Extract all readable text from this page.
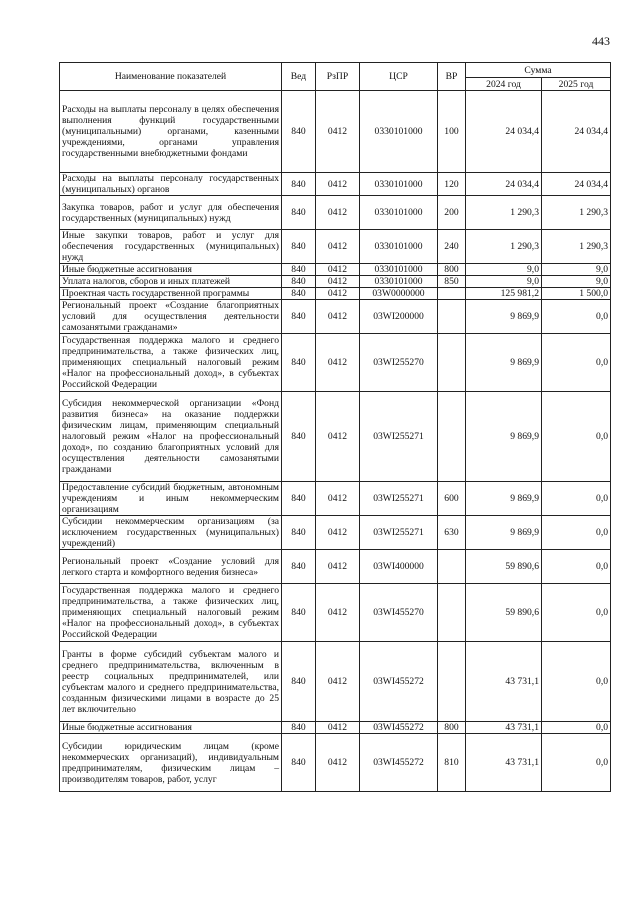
443
Наименование показателей	Вед	РзПР	ЦСР	ВР	Сумма	
					2024 год	2025 год
Расходы на выплаты персоналу в целях обеспечения выполнения функций государственными (муниципальными) органами, казенными учреждениями, органами управления государственными внебюджетными фондами	840	0412	0330101000	100	24 034,4	24 034,4
Расходы на выплаты персоналу государственных (муниципальных) органов	840	0412	0330101000	120	24 034,4	24 034,4
Закупка товаров, работ и услуг для обеспечения государственных (муниципальных) нужд	840	0412	0330101000	200	1 290,3	1 290,3
Иные закупки товаров, работ и услуг для обеспечения государственных (муниципальных) нужд	840	0412	0330101000	240	1 290,3	1 290,3
Иные бюджетные ассигнования	840	0412	0330101000	800	9,0	9,0
Уплата налогов, сборов и иных платежей	840	0412	0330101000	850	9,0	9,0
Проектная часть государственной программы	840	0412	03W0000000		125 981,2	1 500,0
Региональный проект «Создание благоприятных условий для осуществления деятельности самозанятыми гражданами»	840	0412	03WI200000		9 869,9	0,0
Государственная поддержка малого и среднего предпринимательства, а также физических лиц, применяющих специальный налоговый режим «Налог на профессиональный доход», в субъектах Российской Федерации	840	0412	03WI255270		9 869,9	0,0
Субсидия некоммерческой организации «Фонд развития бизнеса» на оказание поддержки физическим лицам, применяющим специальный налоговый режим «Налог на профессиональный доход», по созданию благоприятных условий для осуществления деятельности самозанятыми гражданами	840	0412	03WI255271		9 869,9	0,0
Предоставление субсидий бюджетным, автономным учреждениям и иным некоммерческим организациям	840	0412	03WI255271	600	9 869,9	0,0
Субсидии некоммерческим организациям (за исключением государственных (муниципальных) учреждений)	840	0412	03WI255271	630	9 869,9	0,0
Региональный проект «Создание условий для легкого старта и комфортного ведения бизнеса»	840	0412	03WI400000		59 890,6	0,0
Государственная поддержка малого и среднего предпринимательства, а также физических лиц, применяющих специальный налоговый режим «Налог на профессиональный доход», в субъектах Российской Федерации	840	0412	03WI455270		59 890,6	0,0
Гранты в форме субсидий субъектам малого и среднего предпринимательства, включенным в реестр социальных предпринимателей, или субъектам малого и среднего предпринимательства, созданным физическими лицами в возрасте до 25 лет включительно	840	0412	03WI455272		43 731,1	0,0
Иные бюджетные ассигнования	840	0412	03WI455272	800	43 731,1	0,0
Субсидии юридическим лицам (кроме некоммерческих организаций), индивидуальным предпринимателям, физическим лицам – производителям товаров, работ, услуг	840	0412	03WI455272	810	43 731,1	0,0
